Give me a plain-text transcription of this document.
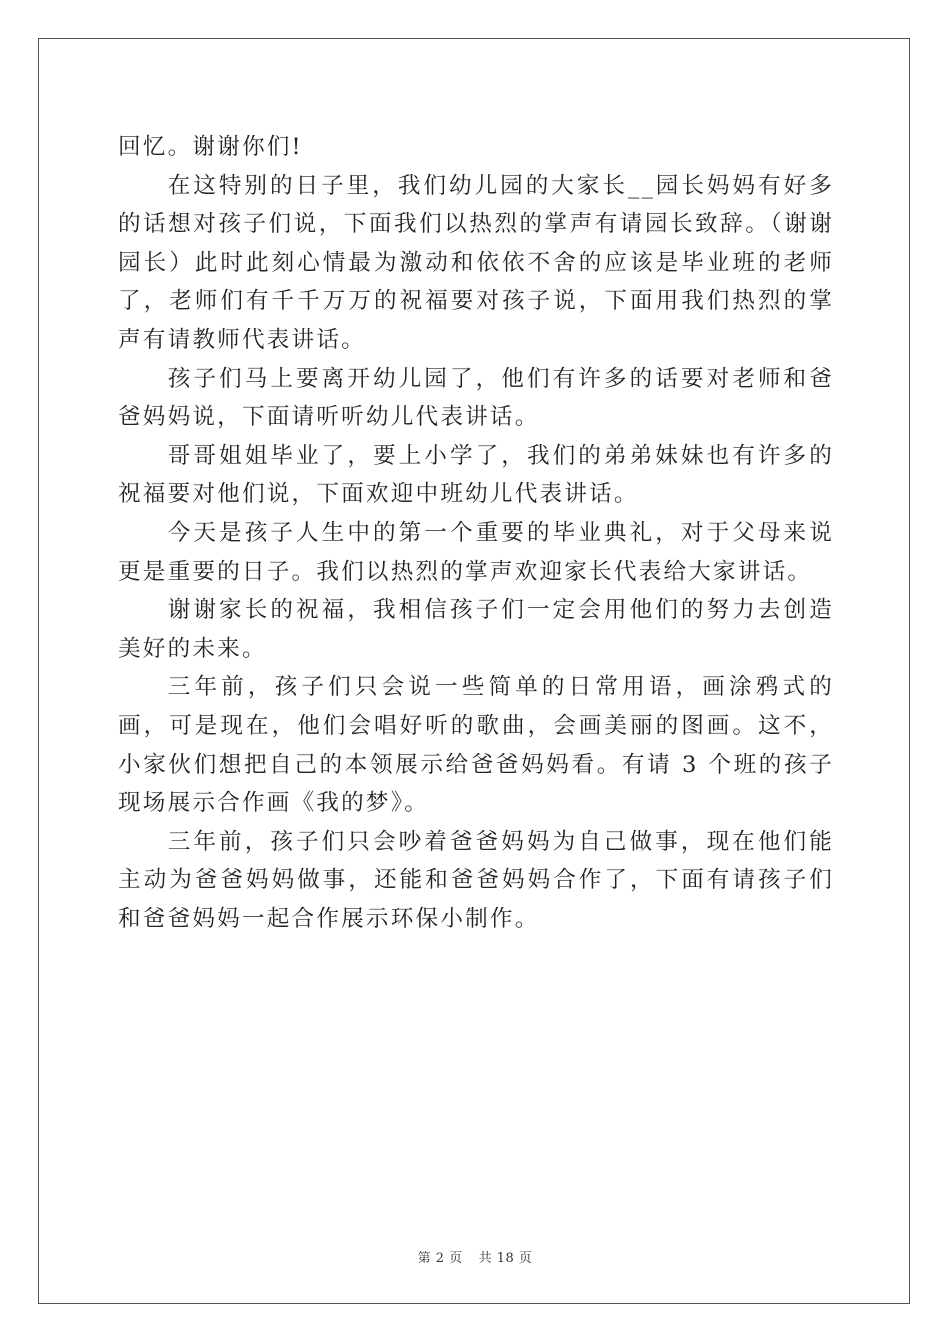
回忆。谢谢你们!

在这特别的日子里，我们幼儿园的大家长__园长妈妈有好多的话想对孩子们说，下面我们以热烈的掌声有请园长致辞。（谢谢园长）此时此刻心情最为激动和依依不舍的应该是毕业班的老师了，老师们有千千万万的祝福要对孩子说，下面用我们热烈的掌声有请教师代表讲话。

孩子们马上要离开幼儿园了，他们有许多的话要对老师和爸爸妈妈说，下面请听听幼儿代表讲话。

哥哥姐姐毕业了，要上小学了，我们的弟弟妹妹也有许多的祝福要对他们说，下面欢迎中班幼儿代表讲话。

今天是孩子人生中的第一个重要的毕业典礼，对于父母来说更是重要的日子。我们以热烈的掌声欢迎家长代表给大家讲话。

谢谢家长的祝福，我相信孩子们一定会用他们的努力去创造美好的未来。

三年前，孩子们只会说一些简单的日常用语，画涂鸦式的画，可是现在，他们会唱好听的歌曲，会画美丽的图画。这不，小家伙们想把自己的本领展示给爸爸妈妈看。有请 3 个班的孩子现场展示合作画《我的梦》。

三年前，孩子们只会吵着爸爸妈妈为自己做事，现在他们能主动为爸爸妈妈做事，还能和爸爸妈妈合作了，下面有请孩子们和爸爸妈妈一起合作展示环保小制作。

第 2 页 共 18 页
